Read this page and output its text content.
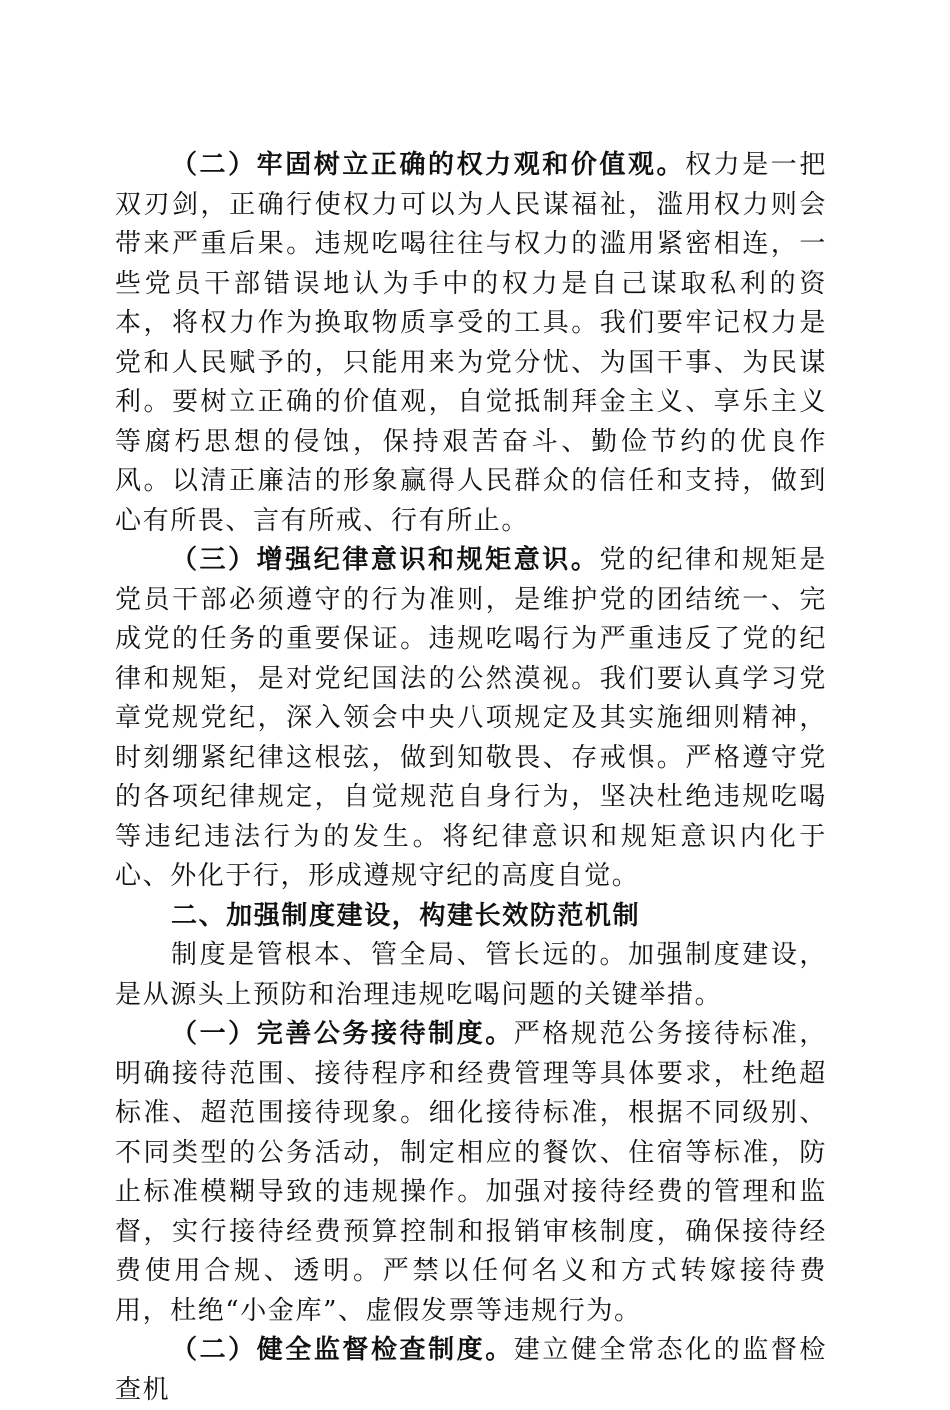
（二）牢固树立正确的权力观和价值观。权力是一把双刃剑，正确行使权力可以为人民谋福祉，滥用权力则会带来严重后果。违规吃喝往往与权力的滥用紧密相连，一些党员干部错误地认为手中的权力是自己谋取私利的资本，将权力作为换取物质享受的工具。我们要牢记权力是党和人民赋予的，只能用来为党分忧、为国干事、为民谋利。要树立正确的价值观，自觉抵制拜金主义、享乐主义等腐朽思想的侵蚀，保持艰苦奋斗、勤俭节约的优良作风。以清正廉洁的形象赢得人民群众的信任和支持，做到心有所畏、言有所戒、行有所止。

（三）增强纪律意识和规矩意识。党的纪律和规矩是党员干部必须遵守的行为准则，是维护党的团结统一、完成党的任务的重要保证。违规吃喝行为严重违反了党的纪律和规矩，是对党纪国法的公然漠视。我们要认真学习党章党规党纪，深入领会中央八项规定及其实施细则精神，时刻绷紧纪律这根弦，做到知敬畏、存戒惧。严格遵守党的各项纪律规定，自觉规范自身行为，坚决杜绝违规吃喝等违纪违法行为的发生。将纪律意识和规矩意识内化于心、外化于行，形成遵规守纪的高度自觉。

二、加强制度建设，构建长效防范机制

制度是管根本、管全局、管长远的。加强制度建设，是从源头上预防和治理违规吃喝问题的关键举措。

（一）完善公务接待制度。严格规范公务接待标准，明确接待范围、接待程序和经费管理等具体要求，杜绝超标准、超范围接待现象。细化接待标准，根据不同级别、不同类型的公务活动，制定相应的餐饮、住宿等标准，防止标准模糊导致的违规操作。加强对接待经费的管理和监督，实行接待经费预算控制和报销审核制度，确保接待经费使用合规、透明。严禁以任何名义和方式转嫁接待费用，杜绝“小金库”、虚假发票等违规行为。

（二）健全监督检查制度。建立健全常态化的监督检查机
